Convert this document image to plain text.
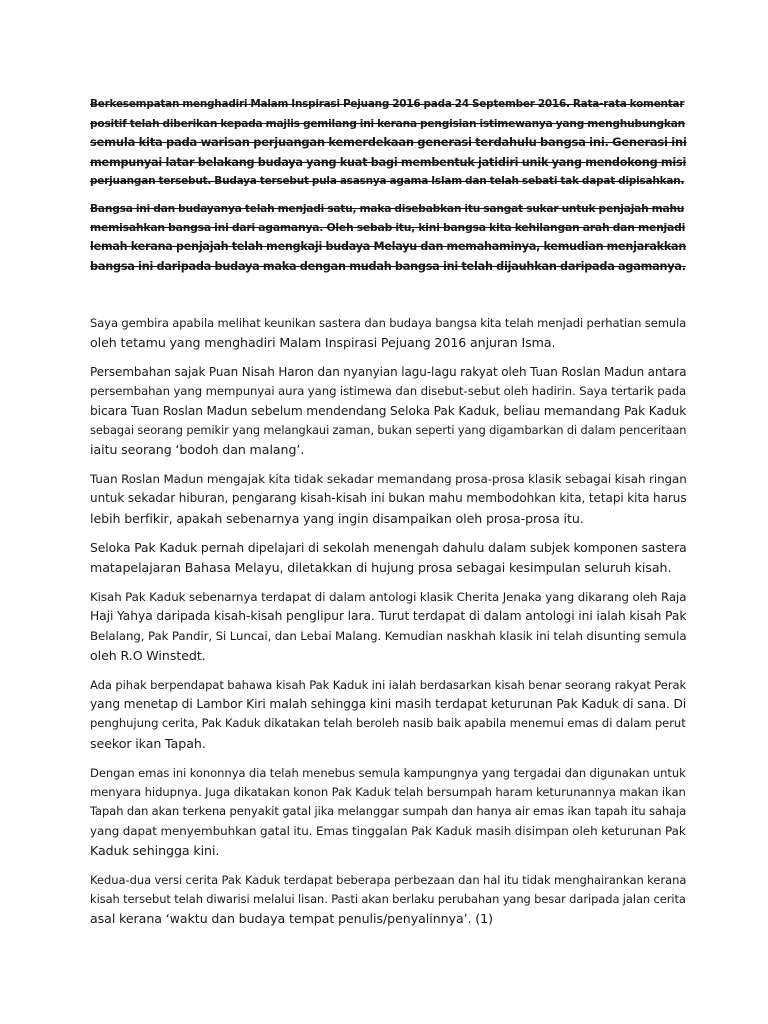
Berkesempatan menghadiri Malam Inspirasi Pejuang 2016 pada 24 September 2016. Rata-rata komentar
positif telah diberikan kepada majlis gemilang ini kerana pengisian istimewanya yang menghubungkan
semula kita pada warisan perjuangan kemerdekaan generasi terdahulu bangsa ini. Generasi ini
mempunyai latar belakang budaya yang kuat bagi membentuk jatidiri unik yang mendokong misi
perjuangan tersebut. Budaya tersebut pula asasnya agama Islam dan telah sebati tak dapat dipisahkan.

Bangsa ini dan budayanya telah menjadi satu, maka disebabkan itu sangat sukar untuk penjajah mahu
memisahkan bangsa ini dari agamanya. Oleh sebab itu, kini bangsa kita kehilangan arah dan menjadi
lemah kerana penjajah telah mengkaji budaya Melayu dan memahaminya, kemudian menjarakkan
bangsa ini daripada budaya maka dengan mudah bangsa ini telah dijauhkan daripada agamanya.

Saya gembira apabila melihat keunikan sastera dan budaya bangsa kita telah menjadi perhatian semula
oleh tetamu yang menghadiri Malam Inspirasi Pejuang 2016 anjuran Isma.

Persembahan sajak Puan Nisah Haron dan nyanyian lagu-lagu rakyat oleh Tuan Roslan Madun antara
persembahan yang mempunyai aura yang istimewa dan disebut-sebut oleh hadirin. Saya tertarik pada
bicara Tuan Roslan Madun sebelum mendendang Seloka Pak Kaduk, beliau memandang Pak Kaduk
sebagai seorang pemikir yang melangkaui zaman, bukan seperti yang digambarkan di dalam penceritaan
iaitu seorang ‘bodoh dan malang’.

Tuan Roslan Madun mengajak kita tidak sekadar memandang prosa-prosa klasik sebagai kisah ringan
untuk sekadar hiburan, pengarang kisah-kisah ini bukan mahu membodohkan kita, tetapi kita harus
lebih berfikir, apakah sebenarnya yang ingin disampaikan oleh prosa-prosa itu.

Seloka Pak Kaduk pernah dipelajari di sekolah menengah dahulu dalam subjek komponen sastera
matapelajaran Bahasa Melayu, diletakkan di hujung prosa sebagai kesimpulan seluruh kisah.

Kisah Pak Kaduk sebenarnya terdapat di dalam antologi klasik Cherita Jenaka yang dikarang oleh Raja
Haji Yahya daripada kisah-kisah penglipur lara. Turut terdapat di dalam antologi ini ialah kisah Pak
Belalang, Pak Pandir, Si Luncai, dan Lebai Malang. Kemudian naskhah klasik ini telah disunting semula
oleh R.O Winstedt.

Ada pihak berpendapat bahawa kisah Pak Kaduk ini ialah berdasarkan kisah benar seorang rakyat Perak
yang menetap di Lambor Kiri malah sehingga kini masih terdapat keturunan Pak Kaduk di sana. Di
penghujung cerita, Pak Kaduk dikatakan telah beroleh nasib baik apabila menemui emas di dalam perut
seekor ikan Tapah.

Dengan emas ini kononnya dia telah menebus semula kampungnya yang tergadai dan digunakan untuk
menyara hidupnya. Juga dikatakan konon Pak Kaduk telah bersumpah haram keturunannya makan ikan
Tapah dan akan terkena penyakit gatal jika melanggar sumpah dan hanya air emas ikan tapah itu sahaja
yang dapat menyembuhkan gatal itu. Emas tinggalan Pak Kaduk masih disimpan oleh keturunan Pak
Kaduk sehingga kini.

Kedua-dua versi cerita Pak Kaduk terdapat beberapa perbezaan dan hal itu tidak menghairankan kerana
kisah tersebut telah diwarisi melalui lisan. Pasti akan berlaku perubahan yang besar daripada jalan cerita
asal kerana ‘waktu dan budaya tempat penulis/penyalinnya’. (1)
